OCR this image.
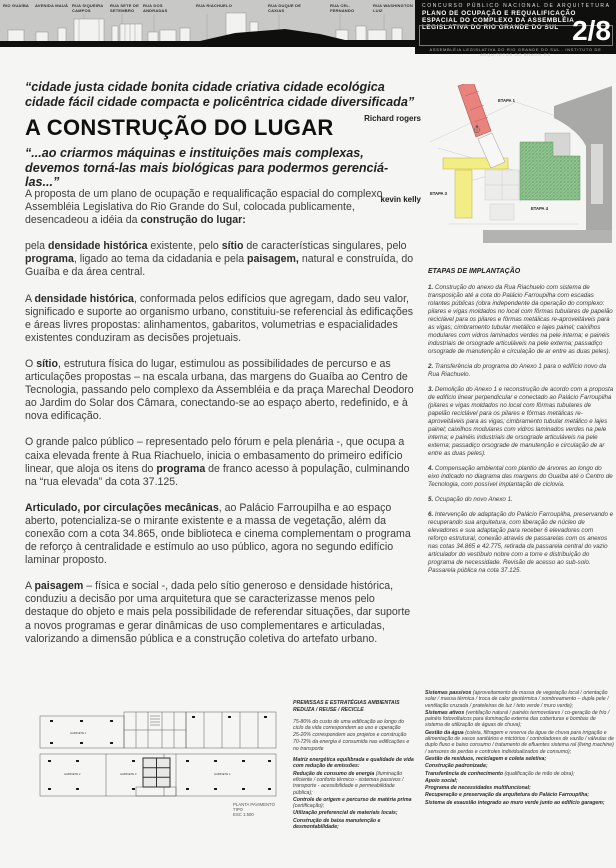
RIO GUAÍBA	AVENIDA MAUÁ RUA SIQUEIRA CAMPOS
RUA SETE DE SETEMBRO
RUA DOS ANDRADAS
RUA RIACHUELO	RUA DUQUE DE CAXIAS
RUA CEL. FERNANDO
RUA WASHINGTON LUIZ
CONCURSO PÚBLICO NACIONAL DE ARQUITETURA
PLANO DE OCUPAÇÃO E REQUALIFICAÇÃO ESPACIAL DO COMPLEXO DA ASSEMBLÉIA LEGISLATIVA DO RIO GRANDE DO SUL 2/8
ASSEMBLÉIA LEGISLATIVA DO RIO GRANDE DO SUL . INSTITUTO DE ARQUITETOS DO BRASIL RS
“cidade justa cidade bonita cidade criativa cidade ecológica cidade fácil cidade compacta e policêntrica cidade diversificada”
Richard rogers
A CONSTRUÇÃO DO LUGAR
“...ao criarmos máquinas e instituições mais complexas, devemos torná-las mais biológicas para podermos gerenciá-las...”
kevin kelly

A proposta de um plano de ocupação e requalificação espacial do complexo Assembléia Legislativa do Rio Grande do Sul, colocada publicamente, desencadeou a idéia da construção do lugar:

pela densidade histórica existente, pelo sítio de características singulares, pelo programa, ligado ao tema da cidadania e pela paisagem, natural e construída, do Guaíba e da área central.

A densidade histórica, conformada pelos edifícios que agregam, dado seu valor, significado e suporte ao organismo urbano, constituiu-se referencial às edificações e áreas livres propostas: alinhamentos, gabaritos, volumetrias e espacialidades existentes conduziram as decisões projetuais.

O sítio, estrutura física do lugar, estimulou as possibilidades de percurso e as articulações propostas – na escala urbana, das margens do Guaíba ao Centro de Tecnologia, passando pelo complexo da Assembléia e da praça Marechal Deodoro ao Jardim do Solar dos Câmara, conectando-se ao espaço aberto, redefinido, e à nova edificação.

O grande palco público – representado pelo fórum e pela plenária -, que ocupa a caixa elevada frente à Rua Riachuelo, inicia o embasamento do primeiro edifício linear, que aloja os itens do programa de franco acesso à população, culminando na “rua elevada” da cota 37.125.

Articulado, por circulações mecânicas, ao Palácio Farroupilha e ao espaço aberto, potencializa-se o mirante existente e a massa de vegetação, além da conexão com a cota 34.865, onde biblioteca e cinema complementam o programa de reforço à centralidade e estímulo ao uso público, agora no segundo edifício laminar proposto.

A paisagem – física e social -, dada pelo sítio generoso e densidade histórica, conduziu a decisão por uma arquitetura que se caracterizasse menos pelo destaque do objeto e mais pela possibilidade de referendar situações, dar suporte a novos programas e gerar dinâmicas de uso complementares e articuladas, valorizando a dimensão pública e a construção coletiva do artefato urbano.

ETAPA 1
ETAPA 3
ETAPA 4
ETAPAS DE IMPLANTAÇÃO
1. Construção do anexo da Rua Riachuelo com sistema de transposição até a cota do Palácio Farroupilha com escadas rolantes públicas (obra independente da operação do complexo: pilares e vigas moldados no local com fôrmas tubulares de papelão reciclável para os pilares e fôrmas metálicas re-aproveitáveis para as vigas; cimbramento tubular metálico e lajes painel; caixilhos modulares com vidros laminados verdes na pele interna; e painéis industriais de orsograde articuláveis na pele externa; passadiço orsograde de manutenção e circulação de ar entre as duas peles).
2. Transferência do programa do Anexo 1 para o edifício novo da Rua Riachuelo.
3. Demolição do Anexo 1 e reconstrução de acordo com a proposta de edifício linear perpendicular e conectado ao Palácio Farroupilha (pilares e vigas moldados no local com fôrmas tubulares de papelão reciclável para os pilares e fôrmas metálicas re-aproveitáveis para as vigas; cimbramento tubular metálico e lajes painel; caixilhos modulares com vidros laminados verdes na pele interna; e painéis industriais de orsograde articuláveis na pele externa; passadiço orsograde de manutenção e circulação de ar entre as duas peles).
4. Compensação ambiental com plantio de árvores ao longo do eixo indicado no diagrama das margens do Guaíba até o Centro de Tecnologia, com possível implantação de ciclovia.
5. Ocupação do novo Anexo 1.
6. Intervenção de adaptação do Palácio Farroupilha, preservando e recuperando sua arquitetura, com liberação de núcleo de elevadores e sua adaptação para receber 6 elevadores com reforço estrutural, conexão através de passarelas com os anexos nas cotas 34.865 e 42.775, retirada da passarela central do vazio articulador do vestíbulo nobre com a torre e distribuição do programa de necessidade. Revisão de acesso ao sub-solo. Passarela pública na cota 37.125.
GABINETE 1
GABINETE 2	GABINETE 3	GABINETE 4
PLANTA PAVIMENTO TIPO
ESC 1:500
PREMISSAS E ESTRATÉGIAS AMBIENTAIS
REDUZA / REUSE / RECICLE
75-80% do custo de uma edificação ao longo do ciclo da vida correspondem ao uso e operação
25-20% correspondem aos projetos e construção
70-72% da energia é consumida nas edificações e no transporte
Matriz energética equilibrada e qualidade de vida com redução de emissões:
Redução de consumo de energia (iluminação eficiente / conforto térmico - sistemas passivos / transporte - acessibilidade e permeabilidade pública);
Controle de origem e percurso de matéria prima (certificação);
Utilização preferencial de materiais locais;
Construção de baixa manutenção e desmontabilidade;
Sistemas passivos (aproveitamento da massa de vegetação local / orientação solar / massa térmica / troca de calor geotérmica / sombreamento – dupla pele / ventilação cruzada / prateleiras de luz / teto verde / muro verde);
Sistemas ativos (ventilação natural / painéis termovolares / co-geração de frio / painéis fotovoltaicos para iluminação externa das coberturas e bombas de sistema de utilização de águas de chuva);
Gestão da água (coleta, filtragem e reserva da água de chuva para irrigação e alimentação de vasos sanitários e mictórios / controladores de vazão / válvulas de duplo fluxo e baixo consumo / tratamento de efluentes sistema ral (living machine) / sensores de perdas e controles individualizados de consumo);
Gestão de resíduos, reciclagem e coleta seletiva;
Construção padronizada;
Transferência de conhecimento (qualificação de mão de obra);
Apoio social;
Programa de necessidades multifuncional;
Recuperação e preservação da arquitetura do Palácio Farroupilha;
Sistema de exaustão integrado ao muro verde junto ao edifício garagem;
